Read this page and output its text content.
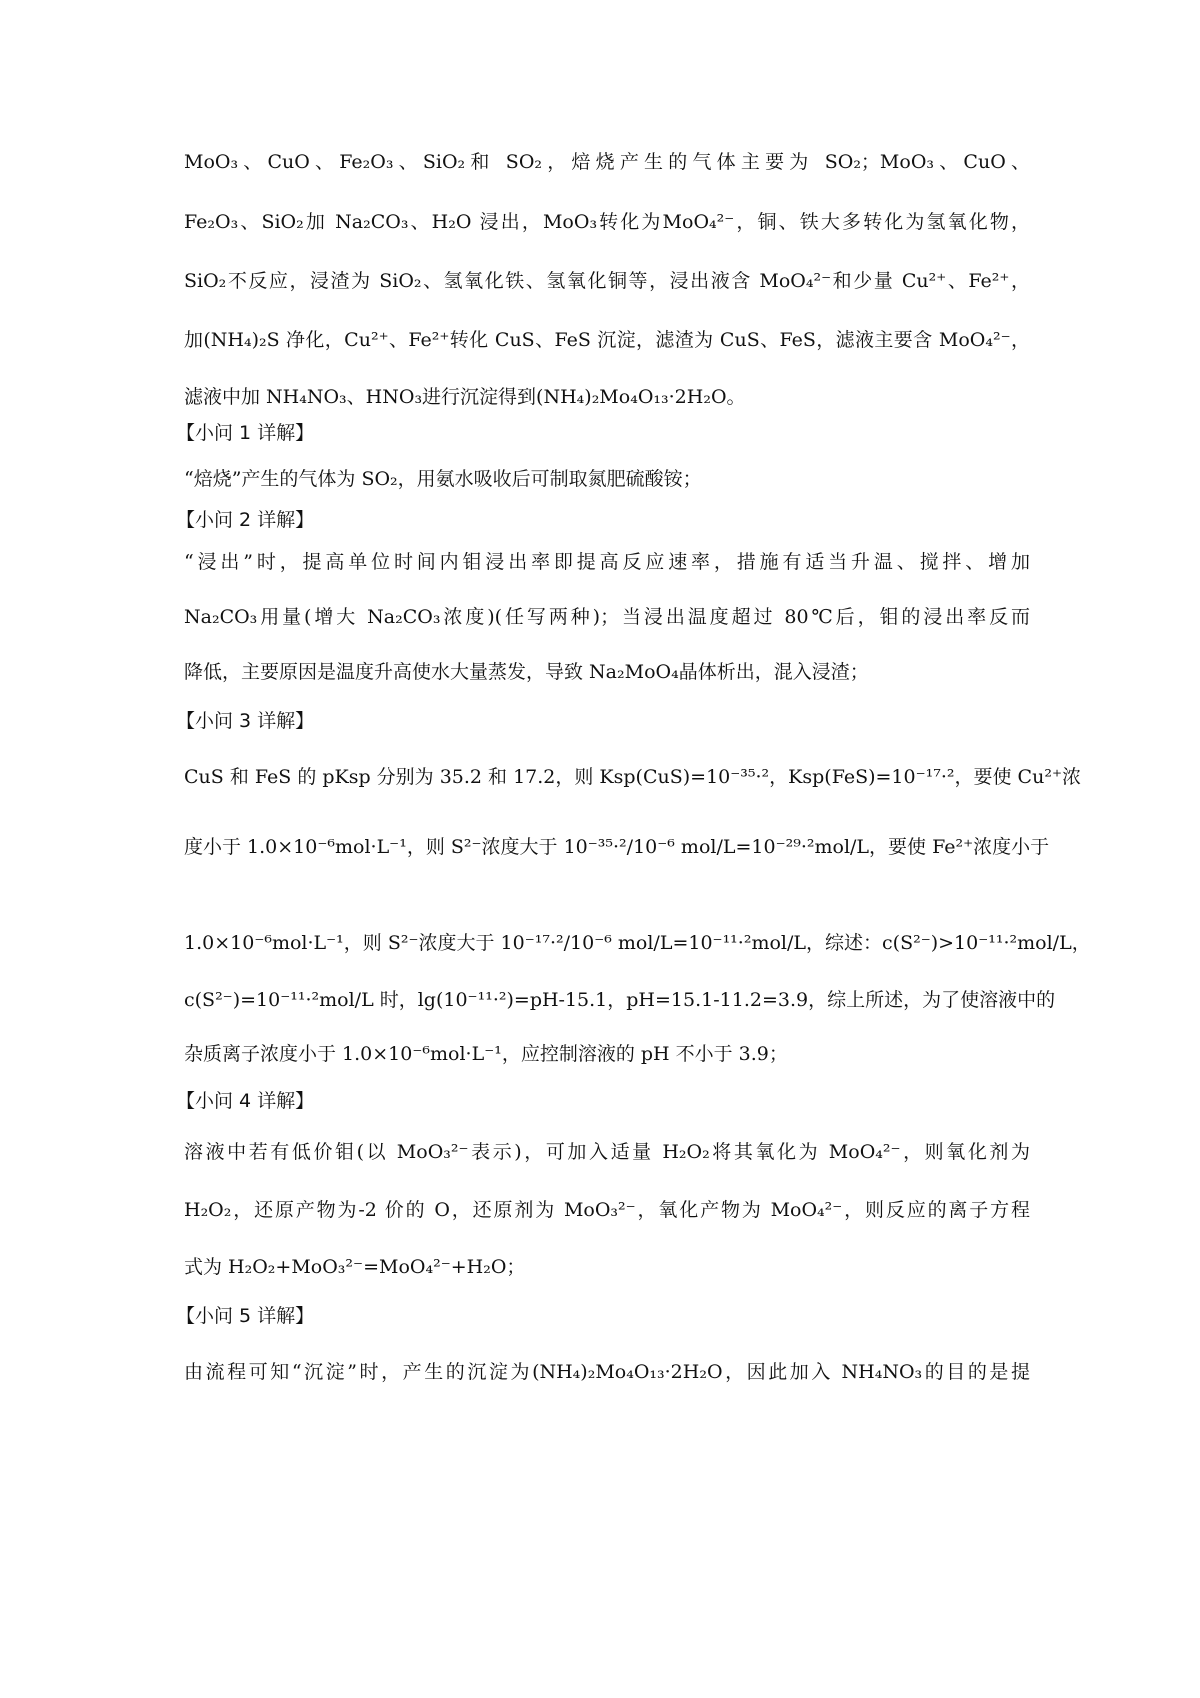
MoO₃、CuO、Fe₂O₃、SiO₂和 SO₂，焙烧产生的气体主要为 SO₂；MoO₃、CuO、
Fe₂O₃、SiO₂加 Na₂CO₃、H₂O 浸出，MoO₃转化为MoO₄²⁻，铜、铁大多转化为氢氧化物，
SiO₂不反应，浸渣为 SiO₂、氢氧化铁、氢氧化铜等，浸出液含 MoO₄²⁻和少量 Cu²⁺、Fe²⁺，
加(NH₄)₂S 净化，Cu²⁺、Fe²⁺转化 CuS、FeS 沉淀，滤渣为 CuS、FeS，滤液主要含 MoO₄²⁻，
滤液中加 NH₄NO₃、HNO₃进行沉淀得到(NH₄)₂Mo₄O₁₃·2H₂O。
【小问 1 详解】
“焙烧”产生的气体为 SO₂，用氨水吸收后可制取氮肥硫酸铵；
【小问 2 详解】
“浸出”时，提高单位时间内钼浸出率即提高反应速率，措施有适当升温、搅拌、增加
Na₂CO₃用量(增大 Na₂CO₃浓度)(任写两种)；当浸出温度超过 80℃后，钼的浸出率反而
降低，主要原因是温度升高使水大量蒸发，导致 Na₂MoO₄晶体析出，混入浸渣；
【小问 3 详解】
CuS 和 FeS 的 pKsp 分别为 35.2 和 17.2，则 Ksp(CuS)=10⁻³⁵·²，Ksp(FeS)=10⁻¹⁷·²，要使 Cu²⁺浓
度小于 1.0×10⁻⁶mol·L⁻¹，则 S²⁻浓度大于 10⁻³⁵·²/10⁻⁶ mol/L=10⁻²⁹·²mol/L，要使 Fe²⁺浓度小于
1.0×10⁻⁶mol·L⁻¹，则 S²⁻浓度大于 10⁻¹⁷·²/10⁻⁶ mol/L=10⁻¹¹·²mol/L，综述：c(S²⁻)>10⁻¹¹·²mol/L，
c(S²⁻)=10⁻¹¹·²mol/L 时，lg(10⁻¹¹·²)=pH-15.1，pH=15.1-11.2=3.9，综上所述，为了使溶液中的
杂质离子浓度小于 1.0×10⁻⁶mol·L⁻¹，应控制溶液的 pH 不小于 3.9；
【小问 4 详解】
溶液中若有低价钼(以 MoO₃²⁻表示)，可加入适量 H₂O₂将其氧化为 MoO₄²⁻，则氧化剂为
H₂O₂，还原产物为-2 价的 O，还原剂为 MoO₃²⁻，氧化产物为 MoO₄²⁻，则反应的离子方程
式为 H₂O₂+MoO₃²⁻=MoO₄²⁻+H₂O；
【小问 5 详解】
由流程可知“沉淀”时，产生的沉淀为(NH₄)₂Mo₄O₁₃·2H₂O，因此加入 NH₄NO₃的目的是提
